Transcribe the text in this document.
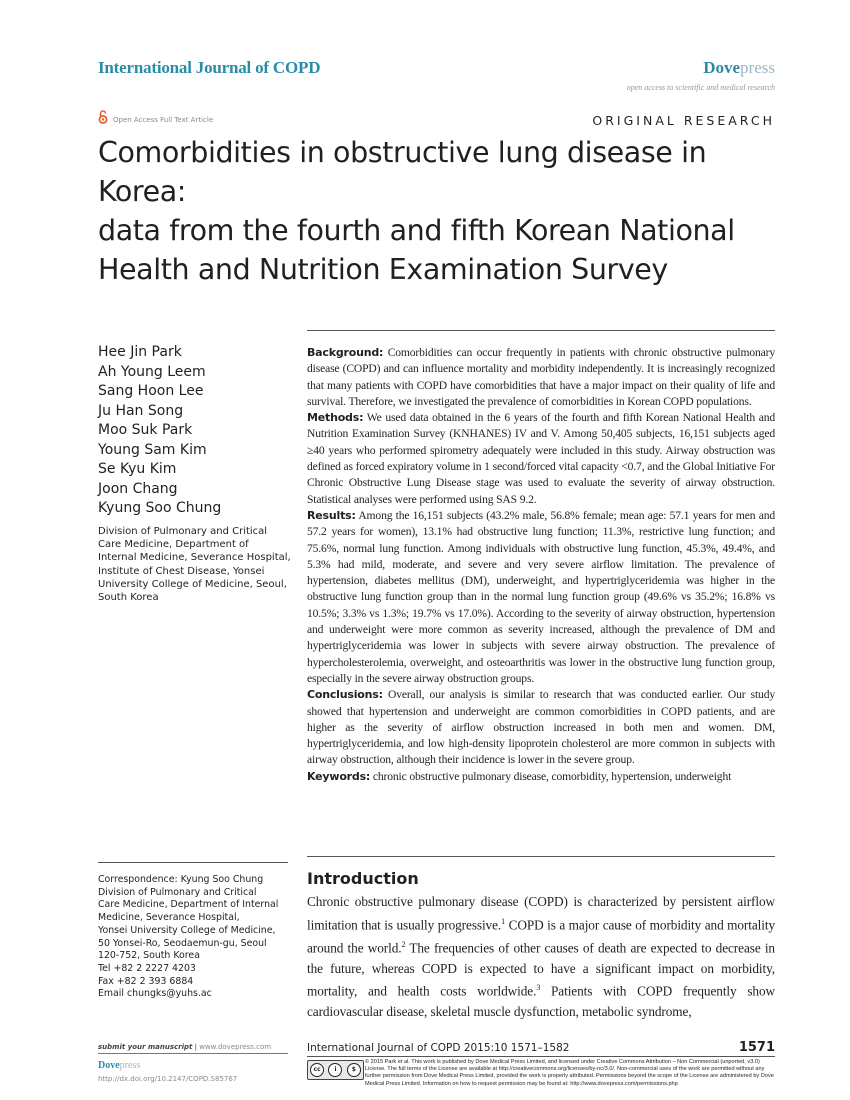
International Journal of COPD	Dovepress
open access to scientific and medical research
Open Access Full Text Article	ORIGINAL RESEARCH
Comorbidities in obstructive lung disease in Korea:
data from the fourth and fifth Korean National
Health and Nutrition Examination Survey
Hee Jin Park
Ah Young Leem
Sang Hoon Lee
Ju Han Song
Moo Suk Park
Young Sam Kim
Se Kyu Kim
Joon Chang
Kyung Soo Chung
Division of Pulmonary and Critical
Care Medicine, Department of
Internal Medicine, Severance Hospital,
Institute of Chest Disease, Yonsei
University College of Medicine, Seoul,
South Korea
Correspondence: Kyung Soo Chung
Division of Pulmonary and Critical
Care Medicine, Department of Internal
Medicine, Severance Hospital,
Yonsei University College of Medicine,
50 Yonsei-Ro, Seodaemun-gu, Seoul
120-752, South Korea
Tel +82 2 2227 4203
Fax +82 2 393 6884
Email chungks@yuhs.ac

Background: Comorbidities can occur frequently in patients with chronic obstructive pulmonary disease (COPD) and can influence mortality and morbidity independently. It is increasingly recognized that many patients with COPD have comorbidities that have a major impact on their quality of life and survival. Therefore, we investigated the prevalence of comorbidities in Korean COPD populations.

Methods: We used data obtained in the 6 years of the fourth and fifth Korean National Health and Nutrition Examination Survey (KNHANES) IV and V. Among 50,405 subjects, 16,151 subjects aged ≥40 years who performed spirometry adequately were included in this study. Airway obstruction was defined as forced expiratory volume in 1 second/forced vital capacity <0.7, and the Global Initiative For Chronic Obstructive Lung Disease stage was used to evaluate the severity of airway obstruction. Statistical analyses were performed using SAS 9.2.

Results: Among the 16,151 subjects (43.2% male, 56.8% female; mean age: 57.1 years for men and 57.2 years for women), 13.1% had obstructive lung function; 11.3%, restrictive lung function; and 75.6%, normal lung function. Among individuals with obstructive lung function, 45.3%, 49.4%, and 5.3% had mild, moderate, and severe and very severe airflow limitation. The prevalence of hypertension, diabetes mellitus (DM), underweight, and hypertriglyceridemia was higher in the obstructive lung function group than in the normal lung function group (49.6% vs 35.2%; 16.8% vs 10.5%; 3.3% vs 1.3%; 19.7% vs 17.0%). According to the severity of airway obstruction, hypertension and underweight were more common as severity increased, although the prevalence of DM and hypertriglyceridemia was lower in subjects with severe airway obstruction. The prevalence of hypercholesterolemia, overweight, and osteoarthritis was lower in the obstructive lung function group, especially in the severe airway obstruction groups.

Conclusions: Overall, our analysis is similar to research that was conducted earlier. Our study showed that hypertension and underweight are common comorbidities in COPD patients, and are higher as the severity of airflow obstruction increased in both men and women. DM, hypertriglyceridemia, and low high-density lipoprotein cholesterol are more common in subjects with airway obstruction, although their incidence is lower in the severe group.

Keywords: chronic obstructive pulmonary disease, comorbidity, hypertension, underweight

Introduction

Chronic obstructive pulmonary disease (COPD) is characterized by persistent airflow limitation that is usually progressive.$^1$ COPD is a major cause of morbidity and mortality around the world.$^2$ The frequencies of other causes of death are expected to decrease in the future, whereas COPD is expected to have a significant impact on morbidity, mortality, and health costs worldwide.$^3$ Patients with COPD frequently show cardiovascular disease, skeletal muscle dysfunction, metabolic syndrome,

submit your manuscript | www.dovepress.com
Dovepress
http://dx.doi.org/10.2147/COPD.S85767
International Journal of COPD 2015:10 1571–1582	1571
cc	i	$
© 2015 Park et al. This work is published by Dove Medical Press Limited, and licensed under Creative Commons Attribution – Non Commercial (unported, v3.0) License. The full terms of the License are available at http://creativecommons.org/licenses/by-nc/3.0/. Non-commercial uses of the work are permitted without any further permission from Dove Medical Press Limited, provided the work is properly attributed. Permissions beyond the scope of the License are administered by Dove Medical Press Limited. Information on how to request permission may be found at: http://www.dovepress.com/permissions.php
